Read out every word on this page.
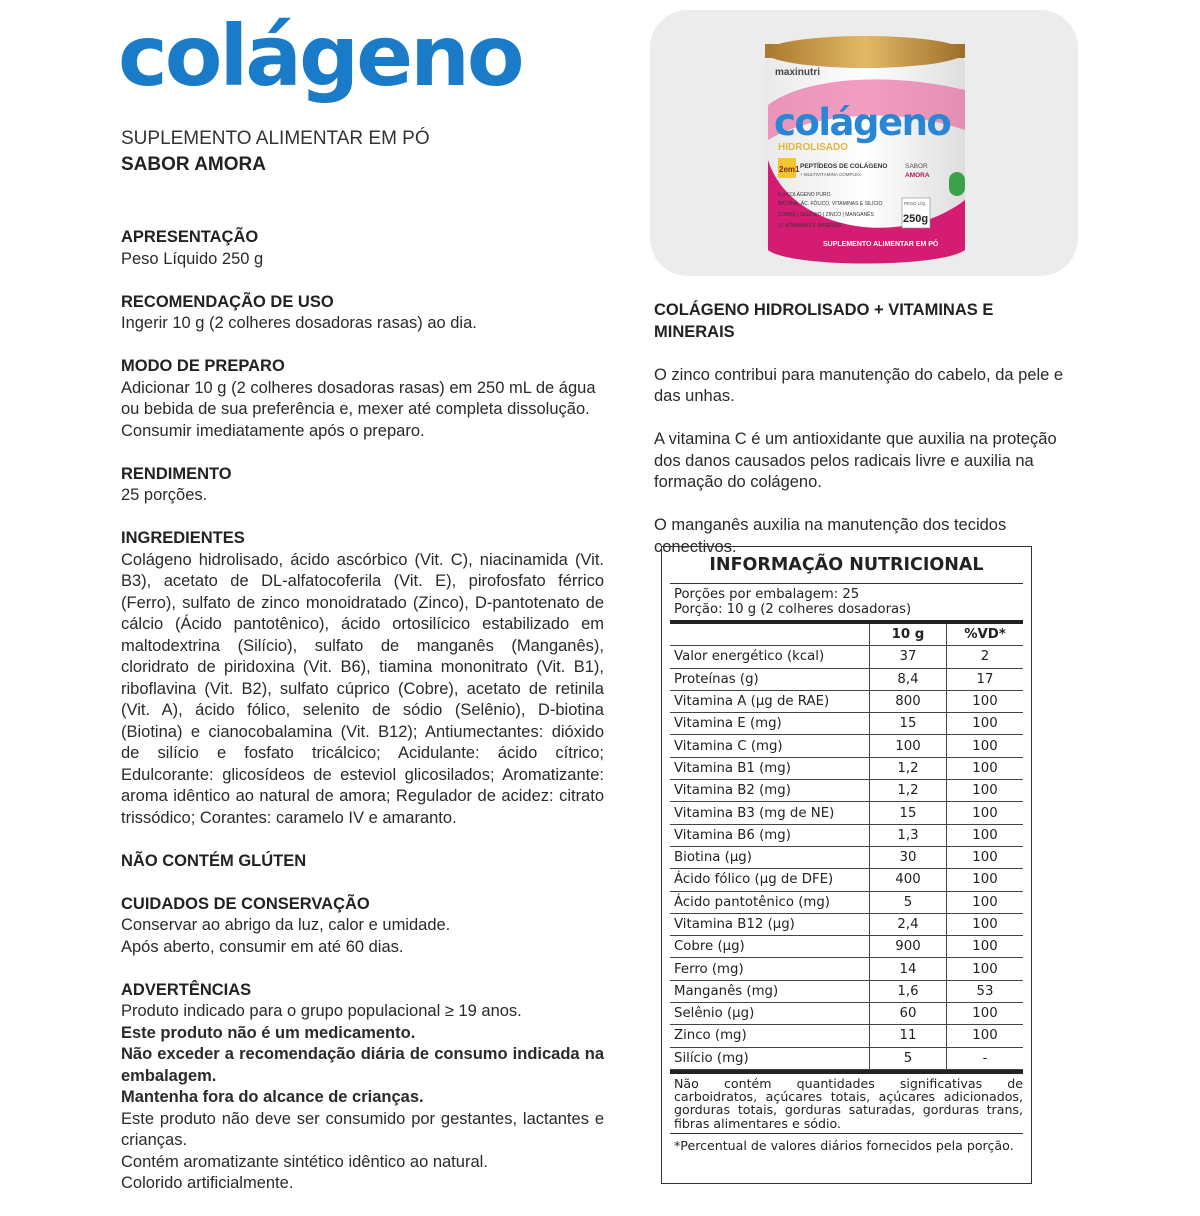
colágeno
SUPLEMENTO ALIMENTAR EM PÓ
SABOR AMORA
APRESENTAÇÃO

Peso Líquido 250 g

RECOMENDAÇÃO DE USO

Ingerir 10 g (2 colheres dosadoras rasas) ao dia.

MODO DE PREPARO

Adicionar 10 g (2 colheres dosadoras rasas) em 250 mL de água ou bebida de sua preferência e, mexer até completa dissolução.

Consumir imediatamente após o preparo.

RENDIMENTO

25 porções.

INGREDIENTES

Colágeno hidrolisado, ácido ascórbico (Vit. C), niacinamida (Vit. B3), acetato de DL-alfatocoferila (Vit. E), pirofosfato férrico (Ferro), sulfato de zinco monoidratado (Zinco), D-pantotenato de cálcio (Ácido pantotênico), ácido ortosilícico estabilizado em maltodextrina (Silício), sulfato de manganês (Manganês), cloridrato de piridoxina (Vit. B6), tiamina mononitrato (Vit. B1), riboflavina (Vit. B2), sulfato cúprico (Cobre), acetato de retinila (Vit. A), ácido fólico, selenito de sódio (Selênio), D-biotina (Biotina) e cianocobalamina (Vit. B12); Antiumectantes: dióxido de silício e fosfato tricálcico; Acidulante: ácido cítrico; Edulcorante: glicosídeos de esteviol glicosilados; Aromatizante: aroma idêntico ao natural de amora; Regulador de acidez: citrato trissódico; Corantes: caramelo IV e amaranto.

NÃO CONTÉM GLÚTEN
CUIDADOS DE CONSERVAÇÃO

Conservar ao abrigo da luz, calor e umidade.

Após aberto, consumir em até 60 dias.

ADVERTÊNCIAS

Produto indicado para o grupo populacional ≥ 19 anos.

Este produto não é um medicamento.

Não exceder a recomendação diária de consumo indicada na embalagem.

Mantenha fora do alcance de crianças.

Este produto não deve ser consumido por gestantes, lactantes e crianças.

Contém aromatizante sintético idêntico ao natural.

Colorido artificialmente.

maxinutri
colágeno
HIDROLISADO
2em1 PEPTÍDEOS DE COLÁGENO
+ MULTIVITAMINA COMPLEX
SABOR
AMORA
9 g COLÁGENO PURO
BIOTINA, ÁC. FÓLICO, VITAMINAS E SILÍCIO
COBRE | SELÊNIO | ZINCO | MANGANÊS
17 VITAMINAS E MINERAIS
PESO LÍQ.
250g
SUPLEMENTO ALIMENTAR EM PÓ
COLÁGENO HIDROLISADO + VITAMINAS E MINERAIS

O zinco contribui para manutenção do cabelo, da pele e das unhas.

A vitamina C é um antioxidante que auxilia na proteção dos danos causados pelos radicais livre e auxilia na formação do colágeno.

O manganês auxilia na manutenção dos tecidos conectivos.

INFORMAÇÃO NUTRICIONAL
Porções por embalagem: 25
Porção: 10 g (2 colheres dosadoras)
	10 g	%VD*
Valor energético (kcal)	37	2
Proteínas (g)	8,4	17
Vitamina A (µg de RAE)	800	100
Vitamina E (mg)	15	100
Vitamina C (mg)	100	100
Vitamina B1 (mg)	1,2	100
Vitamina B2 (mg)	1,2	100
Vitamina B3 (mg de NE)	15	100
Vitamina B6 (mg)	1,3	100
Biotina (µg)	30	100
Ácido fólico (µg de DFE)	400	100
Ácido pantotênico (mg)	5	100
Vitamina B12 (µg)	2,4	100
Cobre (µg)	900	100
Ferro (mg)	14	100
Manganês (mg)	1,6	53
Selênio (µg)	60	100
Zinco (mg)	11	100
Silício (mg)	5	-
Não contém quantidades significativas de carboidratos, açúcares totais, açúcares adicionados, gorduras totais, gorduras saturadas, gorduras trans, fibras alimentares e sódio.
*Percentual de valores diários fornecidos pela porção.
